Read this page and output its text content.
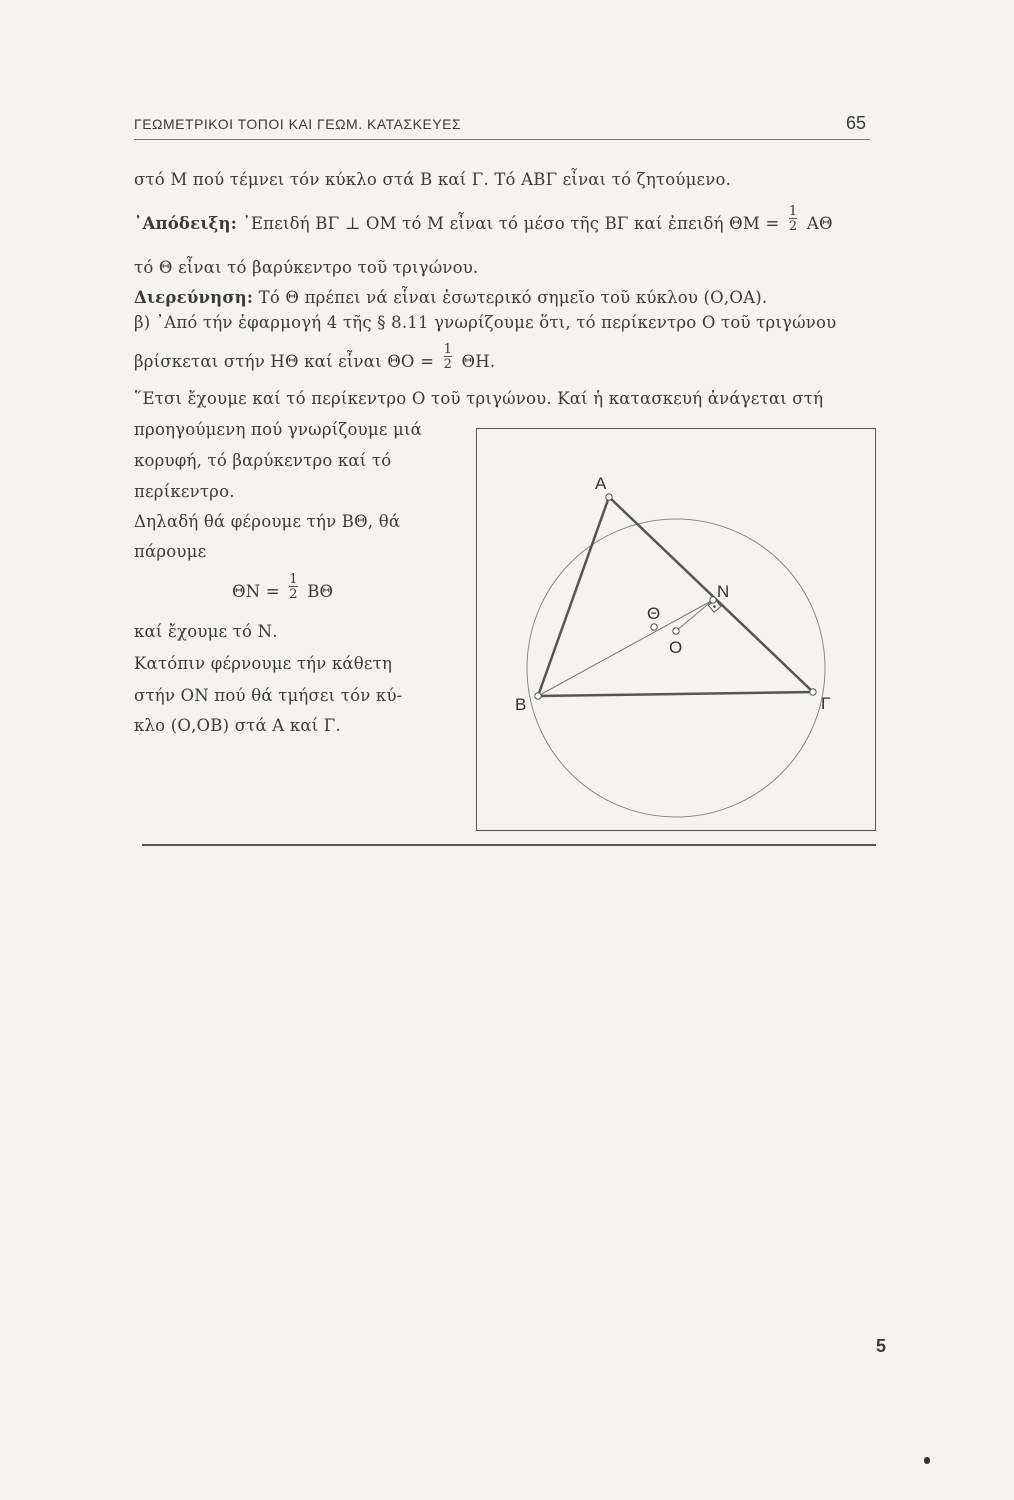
ΓΕΩΜΕΤΡΙΚΟΙ ΤΟΠΟΙ ΚΑΙ ΓΕΩΜ. ΚΑΤΑΣΚΕΥΕΣ	65
στό Μ πού τέμνει τόν κύκλο στά Β καί Γ. Τό ΑΒΓ εἶναι τό ζητούμενο.
᾿Απόδειξη: ᾿Επειδή ΒΓ ⊥ ΟΜ τό Μ εἶναι τό μέσο τῆς ΒΓ καί ἐπειδή $\Theta M = \frac{1}{2}$ ΑΘ
τό Θ εἶναι τό βαρύκεντρο τοῦ τριγώνου.
Διερεύνηση: Τό Θ πρέπει νά εἶναι ἐσωτερικό σημεῖο τοῦ κύκλου (Ο,ΟΑ).
β) ᾿Από τήν ἐφαρμογή 4 τῆς § 8.11 γνωρίζουμε ὅτι, τό περίκεντρο Ο τοῦ τριγώνου
βρίσκεται στήν ΗΘ καί εἶναι $\Theta O = \frac{1}{2} \Theta H$.
῞Ετσι ἔχουμε καί τό περίκεντρο Ο τοῦ τριγώνου. Καί ἡ κατασκευή ἀνάγεται στή
προηγούμενη πού γνωρίζουμε μιά
κορυφή, τό βαρύκεντρο καί τό
περίκεντρο.
Δηλαδή θά φέρουμε τήν ΒΘ, θά
πάρουμε
$\Theta N = \frac{1}{2}$ ΒΘ
καί ἔχουμε τό Ν.
Κατόπιν φέρνουμε τήν κάθετη
στήν ΟΝ πού θά τμήσει τόν κύ-
κλο (Ο,ΟΒ) στά Α καί Γ.
A
N
Θ
O
B	Γ
5
